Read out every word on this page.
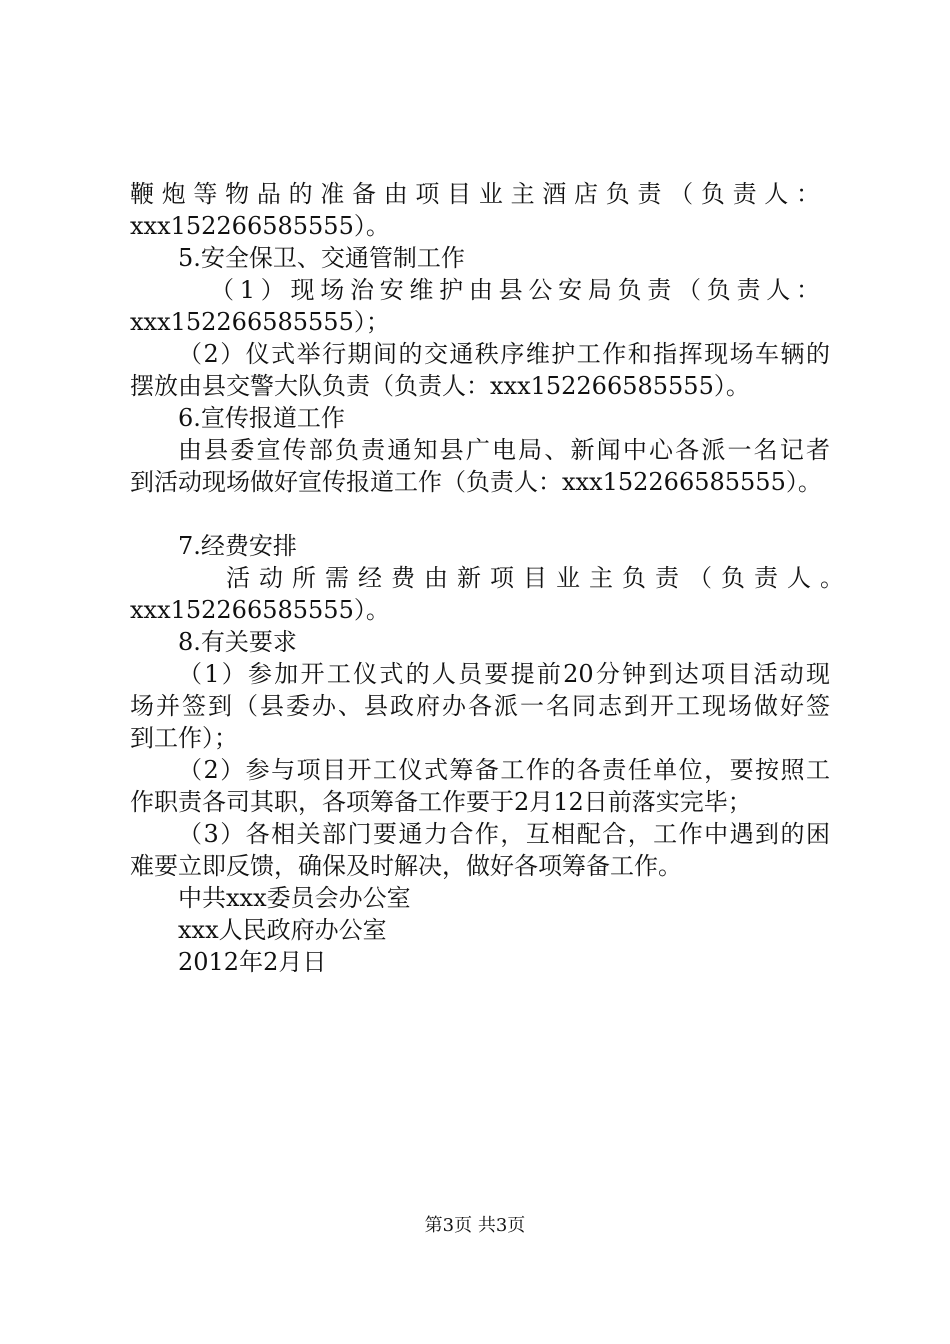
鞭炮等物品的准备由项目业主酒店负责（负责人：
xxx152266585555）。
5.安全保卫、交通管制工作
（1）现场治安维护由县公安局负责（负责人：
xxx152266585555）；
（2）仪式举行期间的交通秩序维护工作和指挥现场车辆的
摆放由县交警大队负责（负责人：xxx152266585555）。
6.宣传报道工作
由县委宣传部负责通知县广电局、新闻中心各派一名记者
到活动现场做好宣传报道工作（负责人：xxx152266585555）。
7.经费安排
活动所需经费由新项目业主负责（负责人。
xxx152266585555）。
8.有关要求
（1）参加开工仪式的人员要提前20分钟到达项目活动现
场并签到（县委办、县政府办各派一名同志到开工现场做好签
到工作）；
（2）参与项目开工仪式筹备工作的各责任单位，要按照工
作职责各司其职，各项筹备工作要于2月12日前落实完毕；
（3）各相关部门要通力合作，互相配合，工作中遇到的困
难要立即反馈，确保及时解决，做好各项筹备工作。
中共xxx委员会办公室
xxx人民政府办公室
2012年2月日
第3页 共3页
